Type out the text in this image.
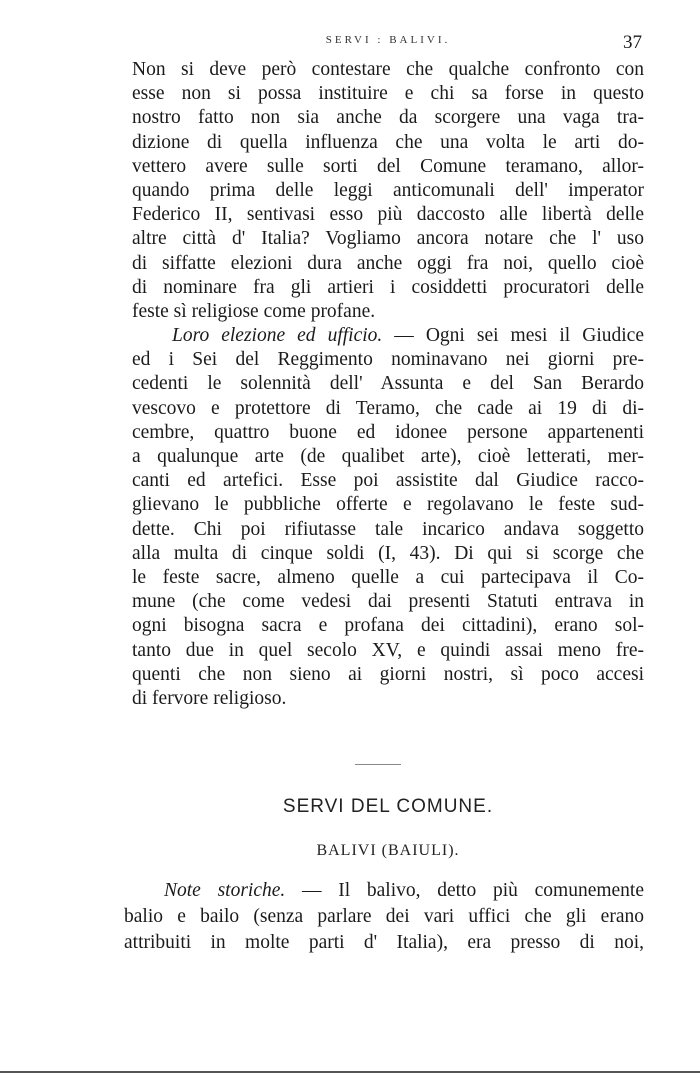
SERVI : BALIVI.	37
Non si deve però contestare che qualche confronto con
esse non si possa instituire e chi sa forse in questo
nostro fatto non sia anche da scorgere una vaga tra-
dizione di quella influenza che una volta le arti do-
vettero avere sulle sorti del Comune teramano, allor-
quando prima delle leggi anticomunali dell' imperator
Federico II, sentivasi esso più daccosto alle libertà delle
altre città d' Italia? Vogliamo ancora notare che l' uso
di siffatte elezioni dura anche oggi fra noi, quello cioè
di nominare fra gli artieri i cosiddetti procuratori delle
feste sì religiose come profane.
Loro elezione ed ufficio. — Ogni sei mesi il Giudice
ed i Sei del Reggimento nominavano nei giorni pre-
cedenti le solennità dell' Assunta e del San Berardo
vescovo e protettore di Teramo, che cade ai 19 di di-
cembre, quattro buone ed idonee persone appartenenti
a qualunque arte (de qualibet arte), cioè letterati, mer-
canti ed artefici. Esse poi assistite dal Giudice racco-
glievano le pubbliche offerte e regolavano le feste sud-
dette. Chi poi rifiutasse tale incarico andava soggetto
alla multa di cinque soldi (I, 43). Di qui si scorge che
le feste sacre, almeno quelle a cui partecipava il Co-
mune (che come vedesi dai presenti Statuti entrava in
ogni bisogna sacra e profana dei cittadini), erano sol-
tanto due in quel secolo XV, e quindi assai meno fre-
quenti che non sieno ai giorni nostri, sì poco accesi
di fervore religioso.
SERVI DEL COMUNE.
BALIVI (BAIULI).
Note storiche. — Il balivo, detto più comunemente
balio e bailo (senza parlare dei vari uffici che gli erano
attribuiti in molte parti d' Italia), era presso di noi,
